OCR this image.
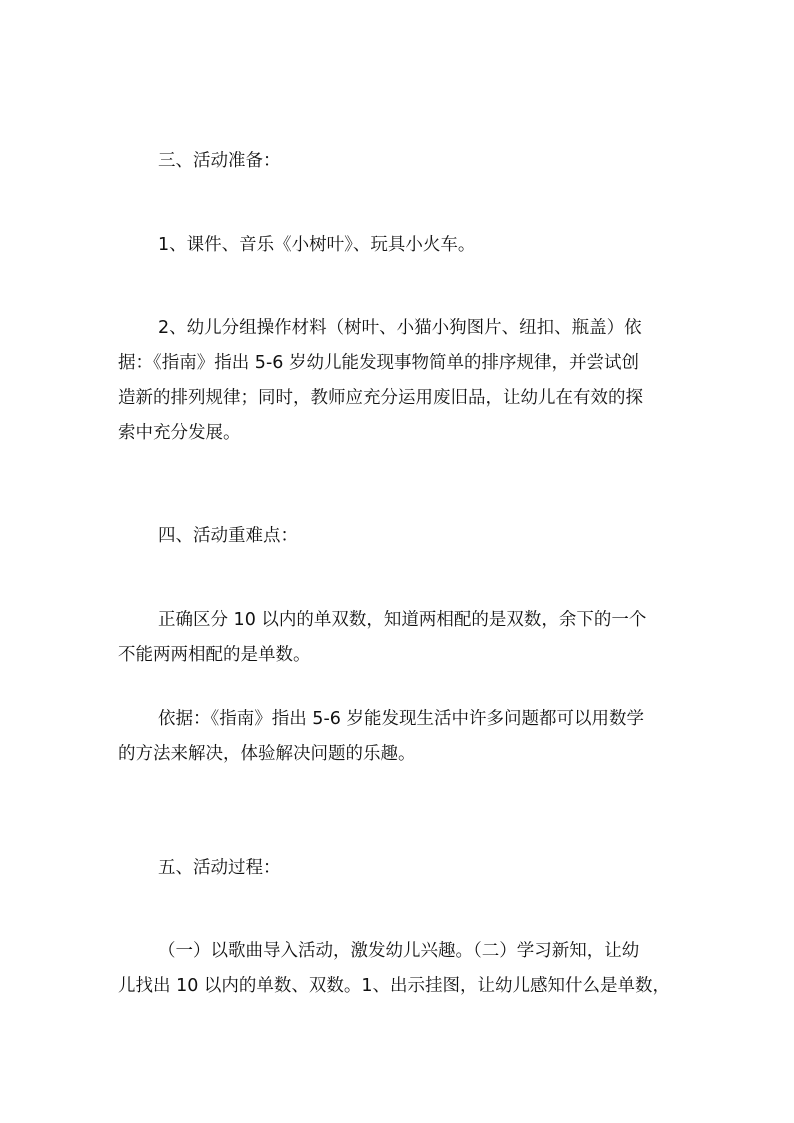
三、活动准备：

1、课件、音乐《小树叶》、玩具小火车。

2、幼儿分组操作材料（树叶、小猫小狗图片、纽扣、瓶盖）依
据：《指南》指出 5-6 岁幼儿能发现事物简单的排序规律，并尝试创
造新的排列规律；同时，教师应充分运用废旧品，让幼儿在有效的探
索中充分发展。

四、活动重难点：

正确区分 10 以内的单双数，知道两相配的是双数，余下的一个
不能两两相配的是单数。
依据：《指南》指出 5-6 岁能发现生活中许多问题都可以用数学
的方法来解决，体验解决问题的乐趣。

五、活动过程：

（一）以歌曲导入活动，激发幼儿兴趣。（二）学习新知，让幼
儿找出 10 以内的单数、双数。1、出示挂图，让幼儿感知什么是单数，
